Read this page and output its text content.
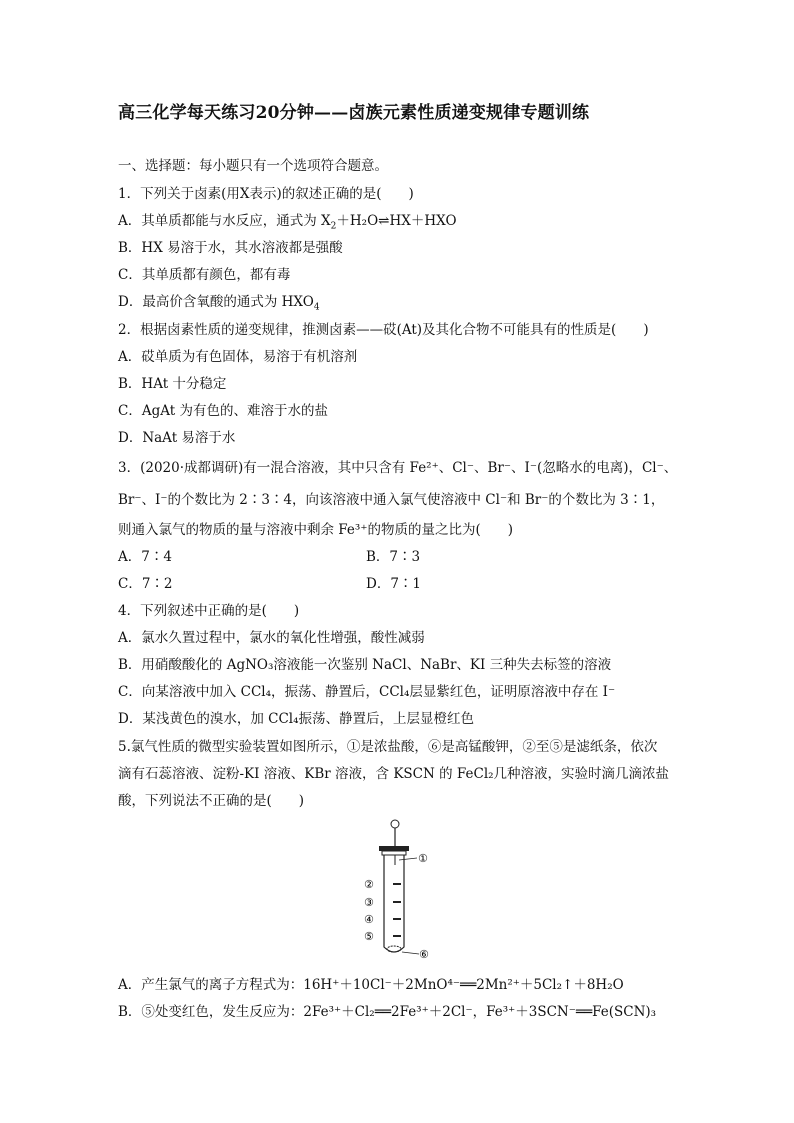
高三化学每天练习20分钟——卤族元素性质递变规律专题训练
一、选择题：每小题只有一个选项符合题意。
1．下列关于卤素(用X表示)的叙述正确的是(　　)
A．其单质都能与水反应，通式为 $X_2+H_2O\rightleftharpoons HX+HXO$
B．HX 易溶于水，其水溶液都是强酸
C．其单质都有颜色，都有毒
D．最高价含氧酸的通式为 $HXO_4$
2．根据卤素性质的递变规律，推测卤素——砹(At)及其化合物不可能具有的性质是(　　)
A．砹单质为有色固体，易溶于有机溶剂
B．HAt 十分稳定
C．AgAt 为有色的、难溶于水的盐
D．NaAt 易溶于水
3．(2020·成都调研)有一混合溶液，其中只含有 Fe²⁺、Cl⁻、Br⁻、I⁻(忽略水的电离)，Cl⁻、
Br⁻、I⁻的个数比为 2∶3∶4，向该溶液中通入氯气使溶液中 Cl⁻和 Br⁻的个数比为 3∶1，
则通入氯气的物质的量与溶液中剩余 Fe³⁺的物质的量之比为(　　)
A．7∶4	B．7∶3
C．7∶2	D．7∶1
4．下列叙述中正确的是(　　)
A．氯水久置过程中，氯水的氧化性增强，酸性减弱
B．用硝酸酸化的 AgNO₃溶液能一次鉴别 NaCl、NaBr、KI 三种失去标签的溶液
C．向某溶液中加入 CCl₄，振荡、静置后，CCl₄层显紫红色，证明原溶液中存在 I⁻
D．某浅黄色的溴水，加 CCl₄振荡、静置后，上层显橙红色
5.氯气性质的微型实验装置如图所示，①是浓盐酸，⑥是高锰酸钾，②至⑤是滤纸条，依次
滴有石蕊溶液、淀粉-KI 溶液、KBr 溶液，含 KSCN 的 FeCl₂几种溶液，实验时滴几滴浓盐
酸，下列说法不正确的是(　　)
①
②
③
④
⑤
⑥
A．产生氯气的离子方程式为：16H⁺＋10Cl⁻＋2MnO⁴⁻══2Mn²⁺＋5Cl₂↑＋8H₂O
B．⑤处变红色，发生反应为：2Fe³⁺＋Cl₂══2Fe³⁺＋2Cl⁻，Fe³⁺＋3SCN⁻══Fe(SCN)₃
